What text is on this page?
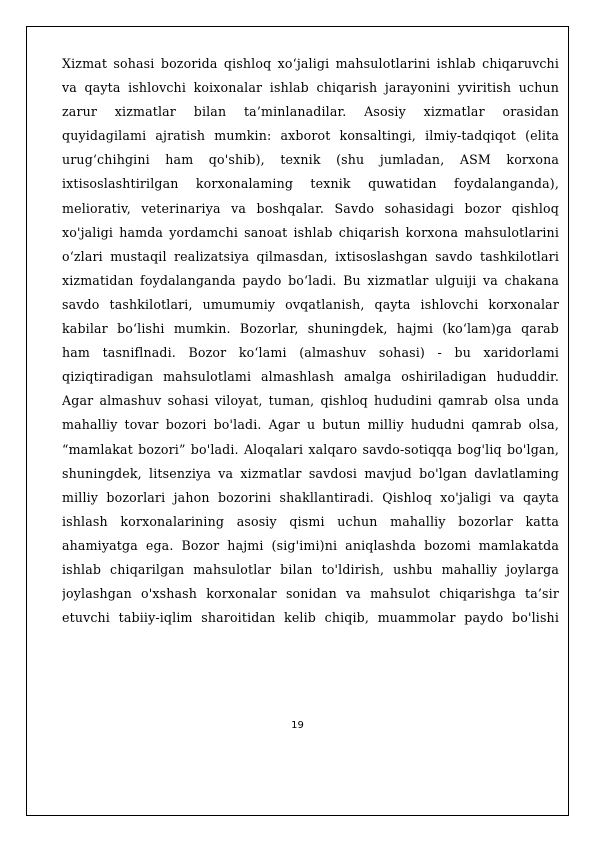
Xizmat sohasi bozorida qishloq xo‘jaligi mahsulotlarini ishlab chiqaruvchi
va qayta ishlovchi koixonalar ishlab chiqarish jarayonini yviritish uchun
zarur xizmatlar bilan ta’minlanadilar. Asosiy xizmatlar orasidan
quyidagilami ajratish mumkin: axborot konsaltingi, ilmiy-tadqiqot (elita
urug‘chihgini ham qo'shib), texnik (shu jumladan, ASM korxona
ixtisoslashtirilgan korxonalaming texnik quwatidan foydalanganda),
meliorativ, veterinariya va boshqalar. Savdo sohasidagi bozor qishloq
xo'jaligi hamda yordamchi sanoat ishlab chiqarish korxona mahsulotlarini
o‘zlari mustaqil realizatsiya qilmasdan, ixtisoslashgan savdo tashkilotlari
xizmatidan foydalanganda paydo bo‘ladi. Bu xizmatlar ulguiji va chakana
savdo tashkilotlari, umumumiy ovqatlanish, qayta ishlovchi korxonalar
kabilar bo‘lishi mumkin. Bozorlar, shuningdek, hajmi (ko‘lam)ga qarab
ham tasniflnadi. Bozor ko‘lami (almashuv sohasi) - bu xaridorlami
qiziqtiradigan mahsulotlami almashlash amalga oshiriladigan hududdir.
Agar almashuv sohasi viloyat, tuman, qishloq hududini qamrab olsa unda
mahalliy tovar bozori bo'ladi. Agar u butun milliy hududni qamrab olsa,
“mamlakat bozori” bo'ladi. Aloqalari xalqaro savdo-sotiqqa bog'liq bo'lgan,
shuningdek, litsenziya va xizmatlar savdosi mavjud bo'lgan davlatlaming
milliy bozorlari jahon bozorini shakllantiradi. Qishloq xo'jaligi va qayta
ishlash korxonalarining asosiy qismi uchun mahalliy bozorlar katta
ahamiyatga ega. Bozor hajmi (sig'imi)ni aniqlashda bozomi mamlakatda
ishlab chiqarilgan mahsulotlar bilan to'ldirish, ushbu mahalliy joylarga
joylashgan o'xshash korxonalar sonidan va mahsulot chiqarishga ta’sir
etuvchi tabiiy-iqlim sharoitidan kelib chiqib, muammolar paydo bo'lishi
19
